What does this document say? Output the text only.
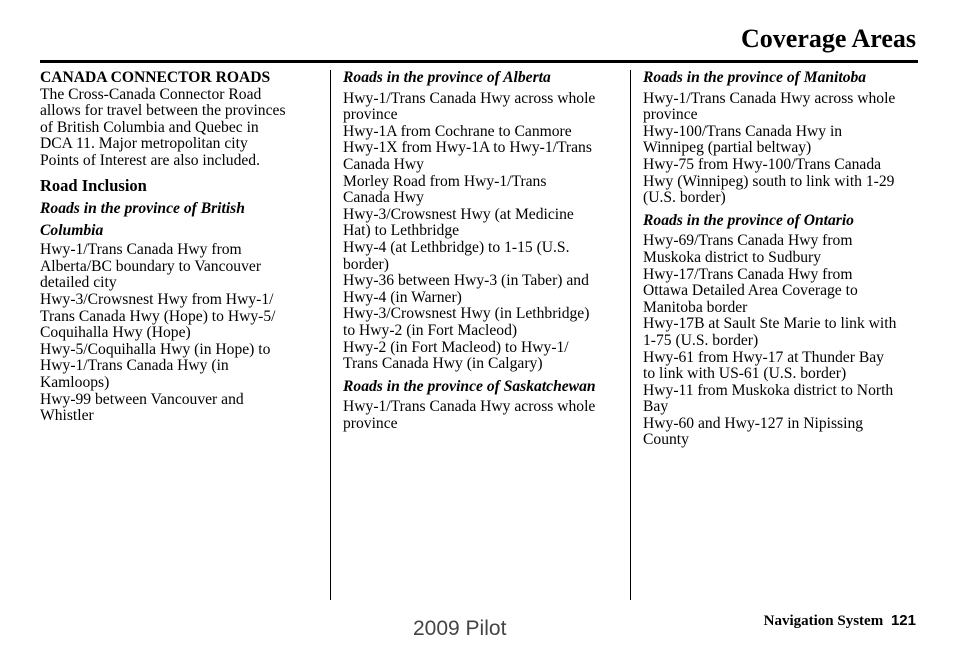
Coverage Areas
CANADA CONNECTOR ROADS
The Cross-Canada Connector Road
allows for travel between the provinces
of British Columbia and Quebec in
DCA 11. Major metropolitan city
Points of Interest are also included.
Road Inclusion
Roads in the province of British
Columbia
Hwy-1/Trans Canada Hwy from
Alberta/BC boundary to Vancouver
detailed city
Hwy-3/Crowsnest Hwy from Hwy-1/
Trans Canada Hwy (Hope) to Hwy-5/
Coquihalla Hwy (Hope)
Hwy-5/Coquihalla Hwy (in Hope) to
Hwy-1/Trans Canada Hwy (in
Kamloops)
Hwy-99 between Vancouver and
Whistler
Roads in the province of Alberta
Hwy-1/Trans Canada Hwy across whole
province
Hwy-1A from Cochrane to Canmore
Hwy-1X from Hwy-1A to Hwy-1/Trans
Canada Hwy
Morley Road from Hwy-1/Trans
Canada Hwy
Hwy-3/Crowsnest Hwy (at Medicine
Hat) to Lethbridge
Hwy-4 (at Lethbridge) to 1-15 (U.S.
border)
Hwy-36 between Hwy-3 (in Taber) and
Hwy-4 (in Warner)
Hwy-3/Crowsnest Hwy (in Lethbridge)
to Hwy-2 (in Fort Macleod)
Hwy-2 (in Fort Macleod) to Hwy-1/
Trans Canada Hwy (in Calgary)
Roads in the province of Saskatchewan
Hwy-1/Trans Canada Hwy across whole
province
Roads in the province of Manitoba
Hwy-1/Trans Canada Hwy across whole
province
Hwy-100/Trans Canada Hwy in
Winnipeg (partial beltway)
Hwy-75 from Hwy-100/Trans Canada
Hwy (Winnipeg) south to link with 1-29
(U.S. border)
Roads in the province of Ontario
Hwy-69/Trans Canada Hwy from
Muskoka district to Sudbury
Hwy-17/Trans Canada Hwy from
Ottawa Detailed Area Coverage to
Manitoba border
Hwy-17B at Sault Ste Marie to link with
1-75 (U.S. border)
Hwy-61 from Hwy-17 at Thunder Bay
to link with US-61 (U.S. border)
Hwy-11 from Muskoka district to North
Bay
Hwy-60 and Hwy-127 in Nipissing
County
Navigation System 121
2009 Pilot
